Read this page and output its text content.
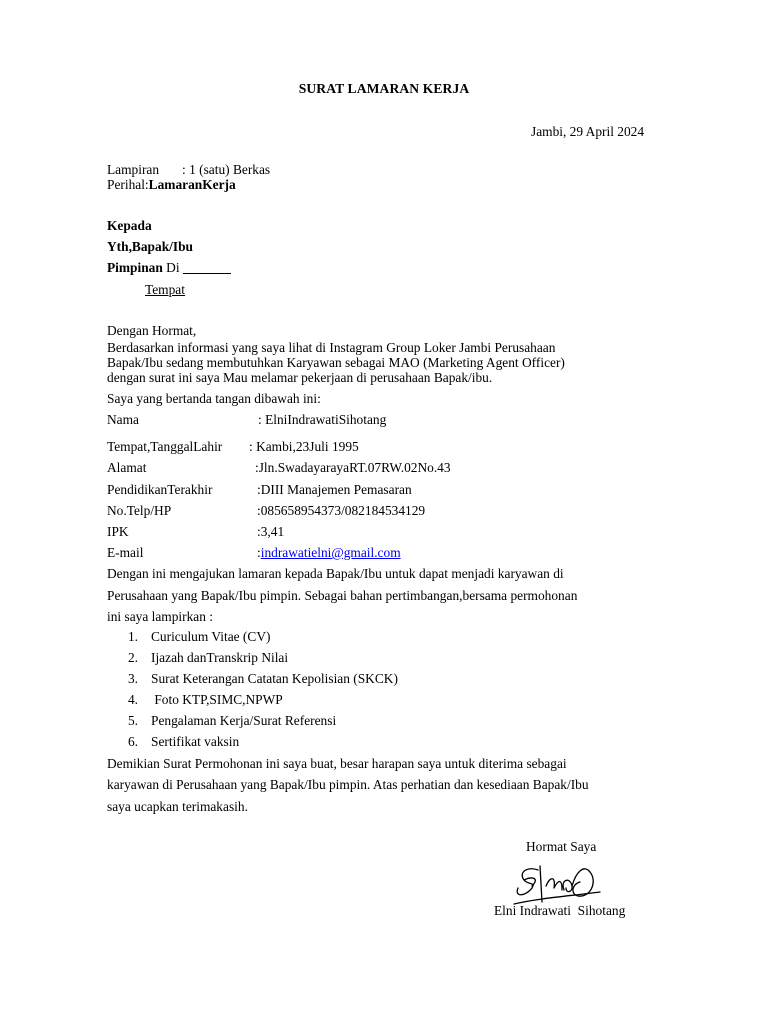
SURAT LAMARAN KERJA
Jambi, 29 April 2024
Lampiran : 1 (satu) Berkas
Perihal:LamaranKerja
Kepada
Yth,Bapak/Ibu
Pimpinan Di
Tempat
Dengan Hormat,
Berdasarkan informasi yang saya lihat di Instagram Group Loker Jambi Perusahaan
Bapak/Ibu sedang membutuhkan Karyawan sebagai MAO (Marketing Agent Officer)
dengan surat ini saya Mau melamar pekerjaan di perusahaan Bapak/ibu.
Saya yang bertanda tangan dibawah ini:
Nama	: ElniIndrawatiSihotang
Tempat,TanggalLahir : Kambi,23Juli 1995
Alamat	:Jln.SwadayarayaRT.07RW.02No.43
PendidikanTerakhir	:DIII Manajemen Pemasaran
No.Telp/HP	:085658954373/082184534129
IPK	:3,41
E-mail	:indrawatielni@gmail.com
Dengan ini mengajukan lamaran kepada Bapak/Ibu untuk dapat menjadi karyawan di
Perusahaan yang Bapak/Ibu pimpin. Sebagai bahan pertimbangan,bersama permohonan
ini saya lampirkan :
1. Curiculum Vitae (CV)
2. Ijazah danTranskrip Nilai
3. Surat Keterangan Catatan Kepolisian (SKCK)
4. Foto KTP,SIMC,NPWP
5. Pengalaman Kerja/Surat Referensi
6. Sertifikat vaksin
Demikian Surat Permohonan ini saya buat, besar harapan saya untuk diterima sebagai
karyawan di Perusahaan yang Bapak/Ibu pimpin. Atas perhatian dan kesediaan Bapak/Ibu
saya ucapkan terimakasih.
Hormat Saya
Elni Indrawati  Sihotang
